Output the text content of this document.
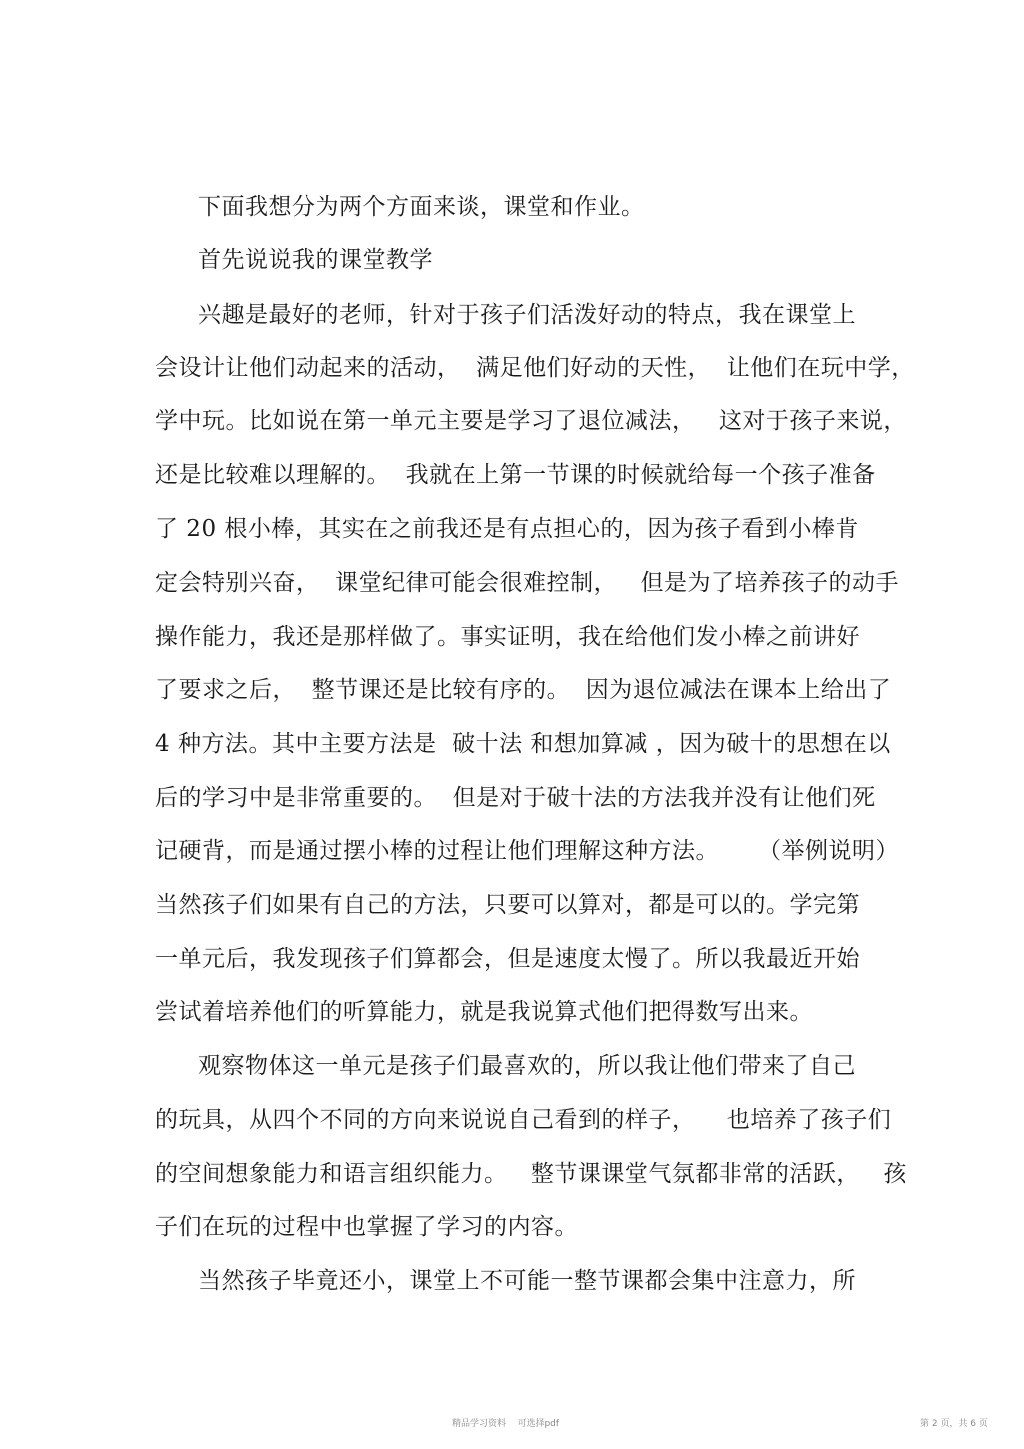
下面我想分为两个方面来谈，课堂和作业。
首先说说我的课堂教学
兴趣是最好的老师，针对于孩子们活泼好动的特点，我在课堂上
会设计让他们动起来的活动，  满足他们好动的天性，  让他们在玩中学，
学中玩。比如说在第一单元主要是学习了退位减法，   这对于孩子来说，
还是比较难以理解的。  我就在上第一节课的时候就给每一个孩子准备
了 20 根小棒，其实在之前我还是有点担心的，因为孩子看到小棒肯
定会特别兴奋，  课堂纪律可能会很难控制，   但是为了培养孩子的动手
操作能力，我还是那样做了。事实证明，我在给他们发小棒之前讲好
了要求之后，  整节课还是比较有序的。  因为退位减法在课本上给出了
4 种方法。其中主要方法是  破十法 和想加算减 ，因为破十的思想在以
后的学习中是非常重要的。  但是对于破十法的方法我并没有让他们死
记硬背，而是通过摆小棒的过程让他们理解这种方法。     （举例说明）
当然孩子们如果有自己的方法，只要可以算对，都是可以的。学完第
一单元后，我发现孩子们算都会，但是速度太慢了。所以我最近开始
尝试着培养他们的听算能力，就是我说算式他们把得数写出来。
观察物体这一单元是孩子们最喜欢的，所以我让他们带来了自己
的玩具，从四个不同的方向来说说自己看到的样子，    也培养了孩子们
的空间想象能力和语言组织能力。   整节课课堂气氛都非常的活跃，   孩
子们在玩的过程中也掌握了学习的内容。
当然孩子毕竟还小，课堂上不可能一整节课都会集中注意力，所
精品学习资料    可选择pdf	第 2 页，共 6 页
